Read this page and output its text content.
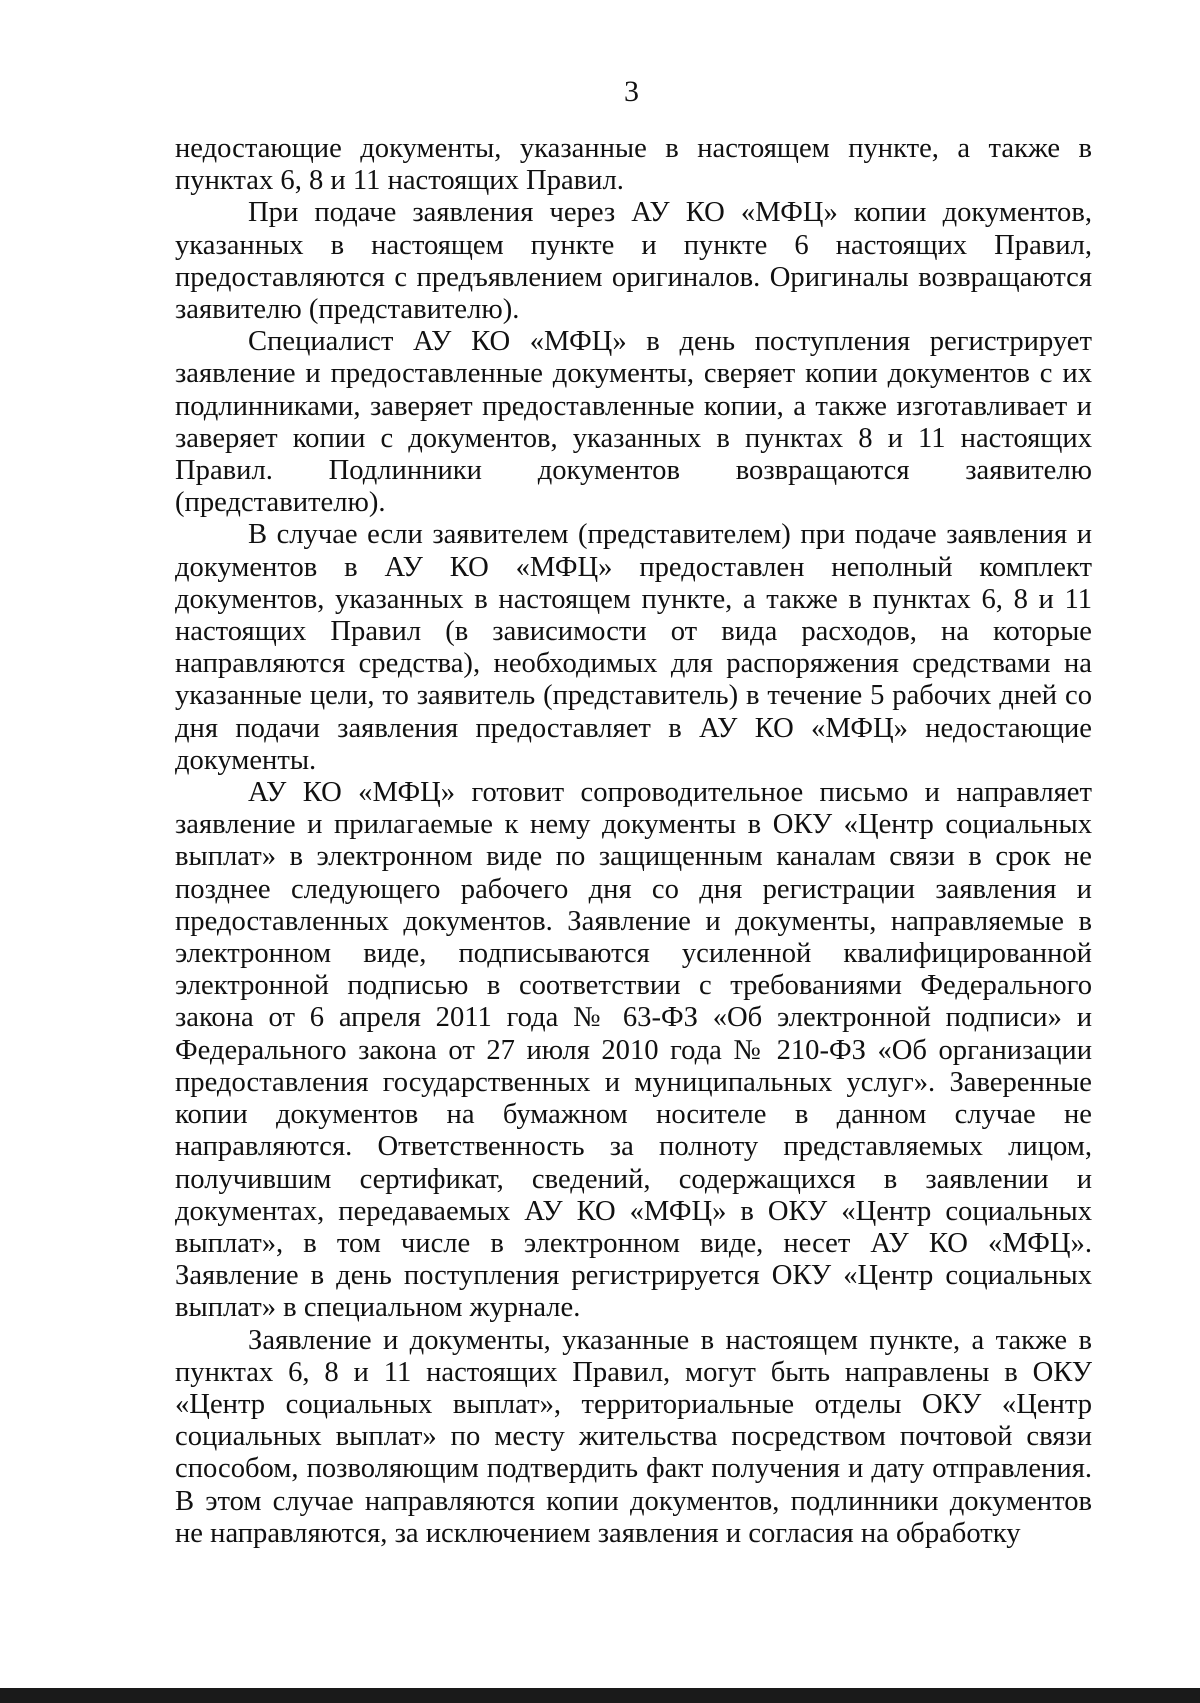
3

недостающие документы, указанные в настоящем пункте, а также в пунктах 6, 8 и 11 настоящих Правил.

При подаче заявления через АУ КО «МФЦ» копии документов, указанных в настоящем пункте и пункте 6 настоящих Правил, предоставляются с предъявлением оригиналов. Оригиналы возвращаются заявителю (представителю).

Специалист АУ КО «МФЦ» в день поступления регистрирует заявление и предоставленные документы, сверяет копии документов с их подлинниками, заверяет предоставленные копии, а также изготавливает и заверяет копии с документов, указанных в пунктах 8 и 11 настоящих Правил. Подлинники документов возвращаются заявителю (представителю).

В случае если заявителем (представителем) при подаче заявления и документов в АУ КО «МФЦ» предоставлен неполный комплект документов, указанных в настоящем пункте, а также в пунктах 6, 8 и 11 настоящих Правил (в зависимости от вида расходов, на которые направляются средства), необходимых для распоряжения средствами на указанные цели, то заявитель (представитель) в течение 5 рабочих дней со дня подачи заявления предоставляет в АУ КО «МФЦ» недостающие документы.

АУ КО «МФЦ» готовит сопроводительное письмо и направляет заявление и прилагаемые к нему документы в ОКУ «Центр социальных выплат» в электронном виде по защищенным каналам связи в срок не позднее следующего рабочего дня со дня регистрации заявления и предоставленных документов. Заявление и документы, направляемые в электронном виде, подписываются усиленной квалифицированной электронной подписью в соответствии с требованиями Федерального закона от 6 апреля 2011 года № 63-ФЗ «Об электронной подписи» и Федерального закона от 27 июля 2010 года № 210-ФЗ «Об организации предоставления государственных и муниципальных услуг». Заверенные копии документов на бумажном носителе в данном случае не направляются. Ответственность за полноту представляемых лицом, получившим сертификат, сведений, содержащихся в заявлении и документах, передаваемых АУ КО «МФЦ» в ОКУ «Центр социальных выплат», в том числе в электронном виде, несет АУ КО «МФЦ». Заявление в день поступления регистрируется ОКУ «Центр социальных выплат» в специальном журнале.

Заявление и документы, указанные в настоящем пункте, а также в пунктах 6, 8 и 11 настоящих Правил, могут быть направлены в ОКУ «Центр социальных выплат», территориальные отделы ОКУ «Центр социальных выплат» по месту жительства посредством почтовой связи способом, позволяющим подтвердить факт получения и дату отправления. В этом случае направляются копии документов, подлинники документов не направляются, за исключением заявления и согласия на обработку
